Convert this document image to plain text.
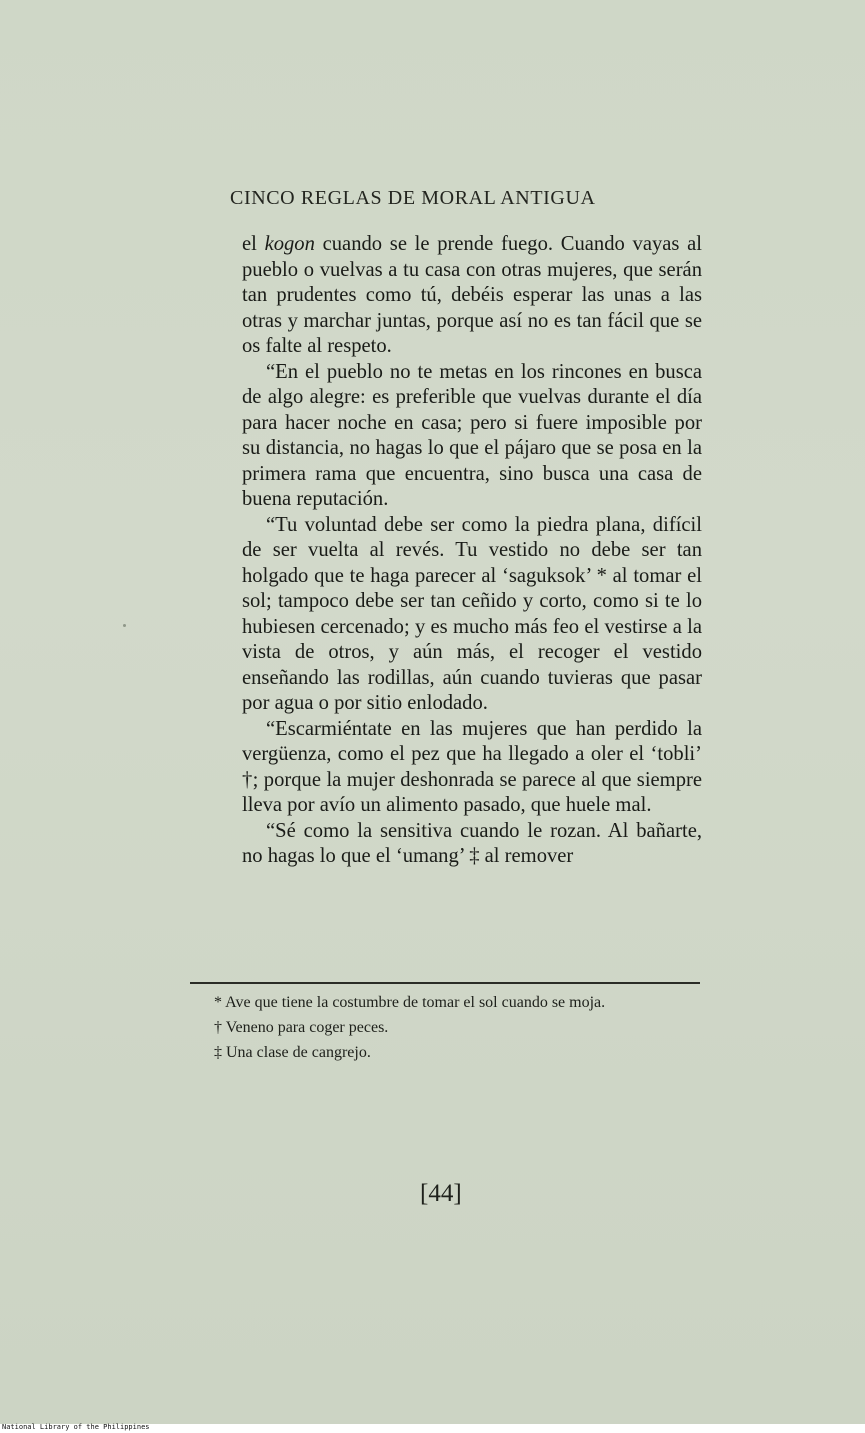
CINCO REGLAS DE MORAL ANTIGUA

el kogon cuando se le prende fuego. Cuando vayas al pueblo o vuelvas a tu casa con otras mujeres, que serán tan prudentes como tú, debéis esperar las unas a las otras y marchar juntas, porque así no es tan fácil que se os falte al respeto.

“En el pueblo no te metas en los rincones en busca de algo alegre: es preferible que vuelvas durante el día para hacer noche en casa; pero si fuere imposible por su distancia, no hagas lo que el pájaro que se posa en la primera rama que encuentra, sino busca una casa de buena reputación.

“Tu voluntad debe ser como la piedra plana, difícil de ser vuelta al revés. Tu vestido no debe ser tan holgado que te haga parecer al ‘saguksok’ * al tomar el sol; tampoco debe ser tan ceñido y corto, como si te lo hubiesen cercenado; y es mucho más feo el vestirse a la vista de otros, y aún más, el recoger el vestido enseñando las rodillas, aún cuando tuvieras que pasar por agua o por sitio enlodado.

“Escarmiéntate en las mujeres que han perdido la vergüenza, como el pez que ha llegado a oler el ‘tobli’ †; porque la mujer deshonrada se parece al que siempre lleva por avío un alimento pasado, que huele mal.

“Sé como la sensitiva cuando le rozan. Al bañarte, no hagas lo que el ‘umang’ ‡ al remover

* Ave que tiene la costumbre de tomar el sol cuando se moja.

† Veneno para coger peces.

‡ Una clase de cangrejo.

[44]
National Library of the Philippines
